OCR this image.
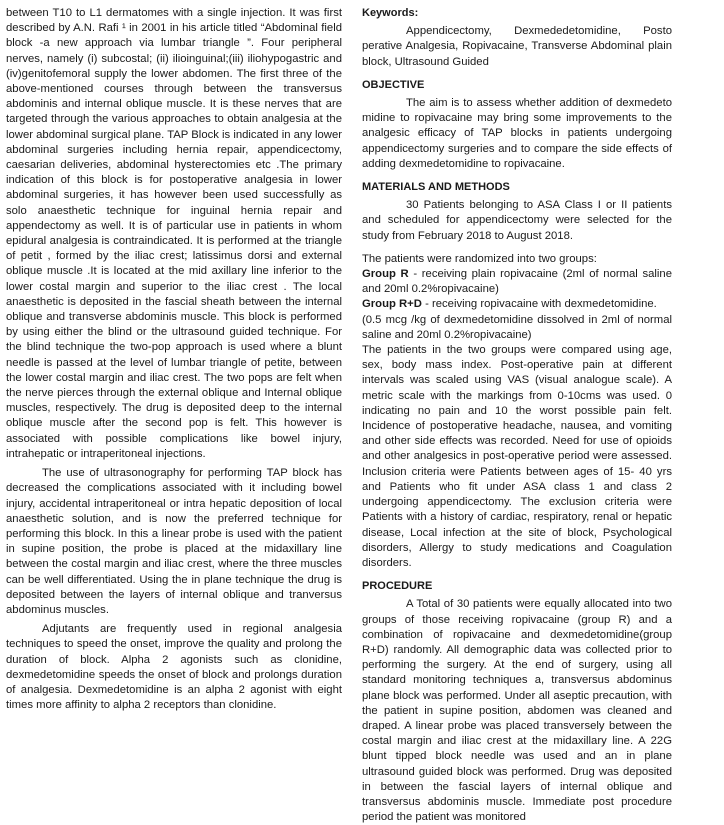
between T10 to L1 dermatomes with a single injection. It was first described by A.N. Rafi ¹ in 2001 in his article titled “Abdominal field block -a new approach via lumbar triangle ”. Four peripheral nerves, namely (i) subcostal; (ii) ilioinguinal;(iii) iliohypogastric and (iv)genitofemoral supply the lower abdomen. The first three of the above-mentioned courses through between the transversus abdominis and internal oblique muscle. It is these nerves that are targeted through the various approaches to obtain analgesia at the lower abdominal surgical plane. TAP Block is indicated in any lower abdominal surgeries including hernia repair, appendicectomy, caesarian deliveries, abdominal hysterectomies etc .The primary indication of this block is for postoperative analgesia in lower abdominal surgeries, it has however been used successfully as solo anaesthetic technique for inguinal hernia repair and appendectomy as well. It is of particular use in patients in whom epidural analgesia is contraindicated. It is performed at the triangle of petit , formed by the iliac crest; latissimus dorsi and external oblique muscle .It is located at the mid axillary line inferior to the lower costal margin and superior to the iliac crest . The local anaesthetic is deposited in the fascial sheath between the internal oblique and transverse abdominis muscle. This block is performed by using either the blind or the ultrasound guided technique. For the blind technique the two-pop approach is used where a blunt needle is passed at the level of lumbar triangle of petite, between the lower costal margin and iliac crest. The two pops are felt when the nerve pierces through the external oblique and Internal oblique muscles, respectively. The drug is deposited deep to the internal oblique muscle after the second pop is felt. This however is associated with possible complications like bowel injury, intrahepatic or intraperitoneal injections.

The use of ultrasonography for performing TAP block has decreased the complications associated with it including bowel injury, accidental intraperitoneal or intra hepatic deposition of local anaesthetic solution, and is now the preferred technique for performing this block. In this a linear probe is used with the patient in supine position, the probe is placed at the midaxillary line between the costal margin and iliac crest, where the three muscles can be well differentiated. Using the in plane technique the drug is deposited between the layers of internal oblique and tranversus abdominus muscles.

Adjutants are frequently used in regional analgesia techniques to speed the onset, improve the quality and prolong the duration of block. Alpha 2 agonists such as clonidine, dexmedetomidine speeds the onset of block and prolongs duration of analgesia. Dexmedetomidine is an alpha 2 agonist with eight times more affinity to alpha 2 receptors than clonidine.

Keywords:

Appendicectomy, Dexmededetomidine, Posto perative Analgesia, Ropivacaine, Transverse Abdominal plain block, Ultrasound Guided

OBJECTIVE

The aim is to assess whether addition of dexmedeto midine to ropivacaine may bring some improvements to the analgesic efficacy of TAP blocks in patients undergoing appendicectomy surgeries and to compare the side effects of adding dexmedetomidine to ropivacaine.

MATERIALS AND METHODS

30 Patients belonging to ASA Class I or II patients and scheduled for appendicectomy were selected for the study from February 2018 to August 2018.

The patients were randomized into two groups:

Group R - receiving plain ropivacaine (2ml of normal saline and 20ml 0.2%ropivacaine)

Group R+D - receiving ropivacaine with dexmedetomidine.

(0.5 mcg /kg of dexmedetomidine dissolved in 2ml of normal saline and 20ml 0.2%ropivacaine)

The patients in the two groups were compared using age, sex, body mass index. Post-operative pain at different intervals was scaled using VAS (visual analogue scale). A metric scale with the markings from 0-10cms was used. 0 indicating no pain and 10 the worst possible pain felt. Incidence of postoperative headache, nausea, and vomiting and other side effects was recorded. Need for use of opioids and other analgesics in post-operative period were assessed. Inclusion criteria were Patients between ages of 15- 40 yrs and Patients who fit under ASA class 1 and class 2 undergoing appendicectomy. The exclusion criteria were Patients with a history of cardiac, respiratory, renal or hepatic disease, Local infection at the site of block, Psychological disorders, Allergy to study medications and Coagulation disorders.

PROCEDURE

A Total of 30 patients were equally allocated into two groups of those receiving ropivacaine (group R) and a combination of ropivacaine and dexmedetomidine(group R+D) randomly. All demographic data was collected prior to performing the surgery. At the end of surgery, using all standard monitoring techniques a, transversus abdominus plane block was performed. Under all aseptic precaution, with the patient in supine position, abdomen was cleaned and draped. A linear probe was placed transversely between the costal margin and iliac crest at the midaxillary line. A 22G blunt tipped block needle was used and an in plane ultrasound guided block was performed. Drug was deposited in between the fascial layers of internal oblique and transversus abdominis muscle. Immediate post procedure period the patient was monitored
